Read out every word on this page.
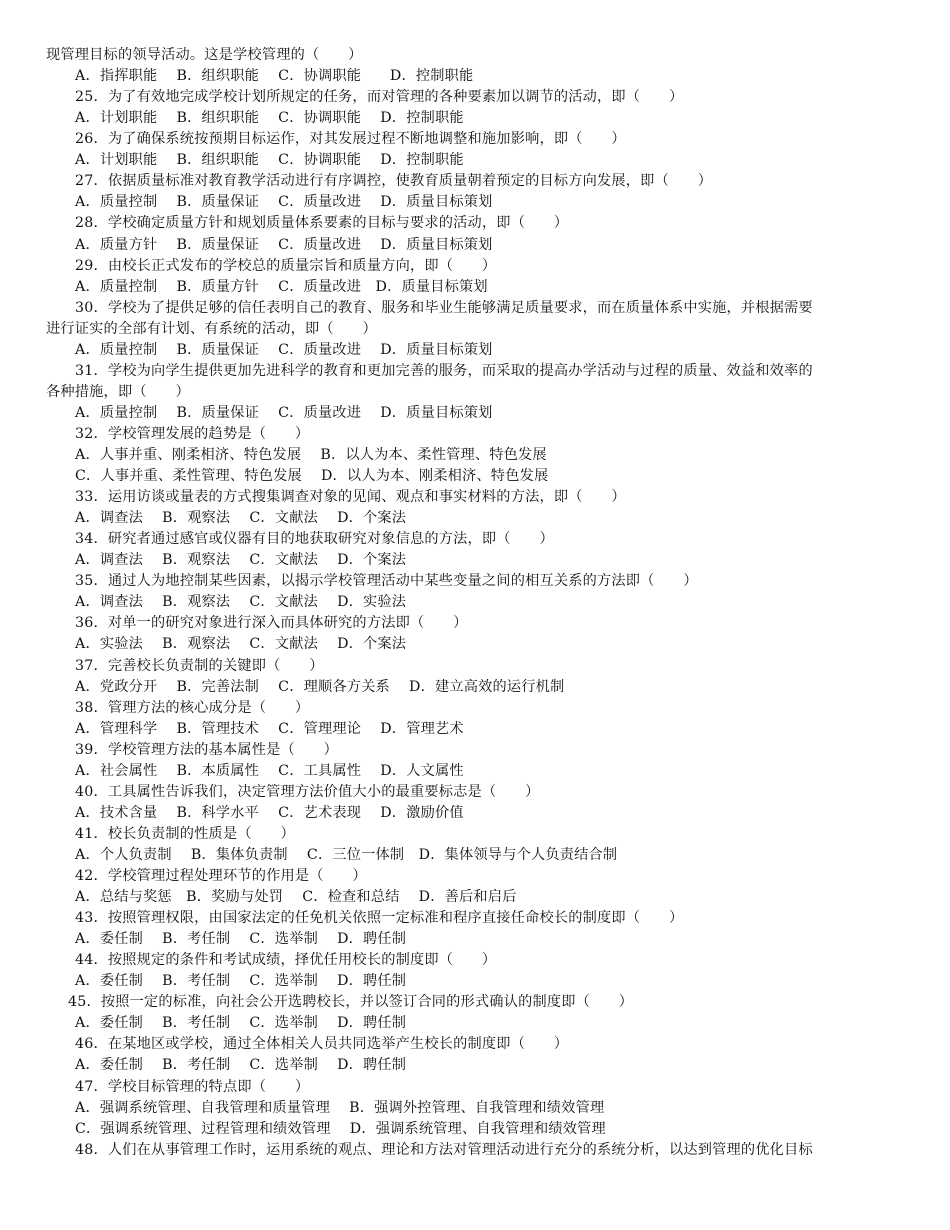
现管理目标的领导活动。这是学校管理的（　　）
A．指挥职能　 B．组织职能　 C．协调职能　　D．控制职能
25．为了有效地完成学校计划所规定的任务，而对管理的各种要素加以调节的活动，即（　　）
A．计划职能　 B．组织职能　 C．协调职能　 D．控制职能
26．为了确保系统按预期目标运作，对其发展过程不断地调整和施加影响，即（　　）
A．计划职能　 B．组织职能　 C．协调职能　 D．控制职能
27．依据质量标准对教育教学活动进行有序调控，使教育质量朝着预定的目标方向发展，即（　　）
A．质量控制　 B．质量保证　 C．质量改进　 D．质量目标策划
28．学校确定质量方针和规划质量体系要素的目标与要求的活动，即（　　）
A．质量方针　 B．质量保证　 C．质量改进　 D．质量目标策划
29．由校长正式发布的学校总的质量宗旨和质量方向，即（　　）
A．质量控制　 B．质量方针　 C．质量改进　D．质量目标策划
30．学校为了提供足够的信任表明自己的教育、服务和毕业生能够满足质量要求，而在质量体系中实施，并根据需要
进行证实的全部有计划、有系统的活动，即（　　）
A．质量控制　 B．质量保证　 C．质量改进　 D．质量目标策划
31．学校为向学生提供更加先进科学的教育和更加完善的服务，而采取的提高办学活动与过程的质量、效益和效率的
各种措施，即（　　）
A．质量控制　 B．质量保证　 C．质量改进　 D．质量目标策划
32．学校管理发展的趋势是（　　）
A．人事并重、刚柔相济、特色发展　 B．以人为本、柔性管理、特色发展
C．人事并重、柔性管理、特色发展　 D．以人为本、刚柔相济、特色发展
33．运用访谈或量表的方式搜集调查对象的见闻、观点和事实材料的方法，即（　　）
A．调查法　 B．观察法　 C．文献法　 D．个案法
34．研究者通过感官或仪器有目的地获取研究对象信息的方法，即（　　）
A．调查法　 B．观察法　 C．文献法　 D．个案法
35．通过人为地控制某些因素，以揭示学校管理活动中某些变量之间的相互关系的方法即（　　）
A．调查法　 B．观察法　 C．文献法　 D．实验法
36．对单一的研究对象进行深入而具体研究的方法即（　　）
A．实验法　 B．观察法　 C．文献法　 D．个案法
37．完善校长负责制的关键即（　　）
A．党政分开　 B．完善法制　 C．理顺各方关系　 D．建立高效的运行机制
38．管理方法的核心成分是（　　）
A．管理科学　 B．管理技术　 C．管理理论　 D．管理艺术
39．学校管理方法的基本属性是（　　）
A．社会属性　 B．本质属性　 C．工具属性　 D．人文属性
40．工具属性告诉我们，决定管理方法价值大小的最重要标志是（　　）
A．技术含量　 B．科学水平　 C．艺术表现　 D．激励价值
41．校长负责制的性质是（　　）
A．个人负责制　 B．集体负责制　 C．三位一体制　D．集体领导与个人负责结合制
42．学校管理过程处理环节的作用是（　　）
A．总结与奖惩　B．奖励与处罚　 C．检查和总结　 D．善后和启后
43．按照管理权限，由国家法定的任免机关依照一定标准和程序直接任命校长的制度即（　　）
A．委任制　 B．考任制　 C．选举制　 D．聘任制
44．按照规定的条件和考试成绩，择优任用校长的制度即（　　）
A．委任制　 B．考任制　 C．选举制　 D．聘任制
45．按照一定的标准，向社会公开选聘校长，并以签订合同的形式确认的制度即（　　）
A．委任制　 B．考任制　 C．选举制　 D．聘任制
46．在某地区或学校，通过全体相关人员共同选举产生校长的制度即（　　）
A．委任制　 B．考任制　 C．选举制　 D．聘任制
47．学校目标管理的特点即（　　）
A．强调系统管理、自我管理和质量管理　 B．强调外控管理、自我管理和绩效管理
C．强调系统管理、过程管理和绩效管理　 D．强调系统管理、自我管理和绩效管理
48．人们在从事管理工作时，运用系统的观点、理论和方法对管理活动进行充分的系统分析，以达到管理的优化目标
